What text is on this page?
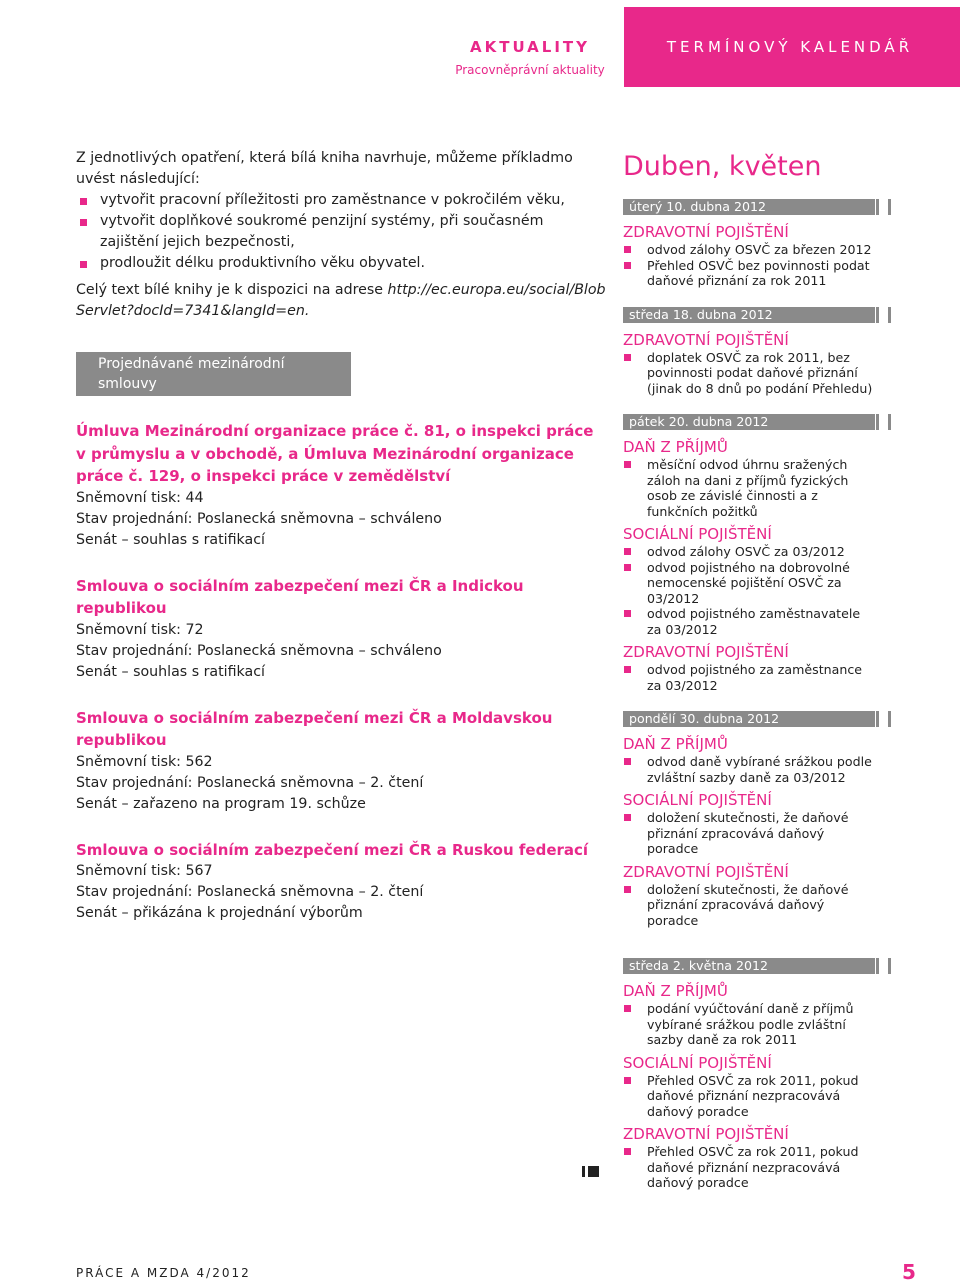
AKTUALITY
Pracovněprávní aktuality
TERMÍNOVÝ KALENDÁŘ

Z jednotlivých opatření, která bílá kniha navrhuje, můžeme příkladmo uvést následující:

vytvořit pracovní příležitosti pro zaměstnance v pokročilém věku,

vytvořit doplňkové soukromé penzijní systémy, při současném zajištění jejich bezpečnosti,

prodloužit délku produktivního věku obyvatel.

Celý text bílé knihy je k dispozici na adrese http://ec.europa.eu/social/BlobServlet?docId=7341&langId=en.

Projednávané mezinárodní smlouvy

Úmluva Mezinárodní organizace práce č. 81, o inspekci práce v průmyslu a v obchodě, a Úmluva Mezinárodní organizace práce č. 129, o inspekci práce v zemědělství

Sněmovní tisk: 44

Stav projednání: Poslanecká sněmovna – schváleno

Senát – souhlas s ratifikací

Smlouva o sociálním zabezpečení mezi ČR a Indickou republikou

Sněmovní tisk: 72

Stav projednání: Poslanecká sněmovna – schváleno

Senát – souhlas s ratifikací

Smlouva o sociálním zabezpečení mezi ČR a Moldavskou republikou

Sněmovní tisk: 562

Stav projednání: Poslanecká sněmovna – 2. čtení

Senát – zařazeno na program 19. schůze

Smlouva o sociálním zabezpečení mezi ČR a Ruskou federací

Sněmovní tisk: 567

Stav projednání: Poslanecká sněmovna – 2. čtení

Senát – přikázána k projednání výborům

Duben, květen
úterý 10. dubna 2012
ZDRAVOTNÍ POJIŠTĚNÍ

odvod zálohy OSVČ za březen 2012

Přehled OSVČ bez povinnosti podat daňové přiznání za rok 2011

středa 18. dubna 2012
ZDRAVOTNÍ POJIŠTĚNÍ

doplatek OSVČ za rok 2011, bez povinnosti podat daňové přiznání (jinak do 8 dnů po podání Přehledu)

pátek 20. dubna 2012
DAŇ Z PŘÍJMŮ

měsíční odvod úhrnu sražených záloh na dani z příjmů fyzických osob ze závislé činnosti a z funkčních požitků

SOCIÁLNÍ POJIŠTĚNÍ

odvod zálohy OSVČ za 03/2012

odvod pojistného na dobrovolné nemocenské pojištění OSVČ za 03/2012

odvod pojistného zaměstnavatele za 03/2012

ZDRAVOTNÍ POJIŠTĚNÍ

odvod pojistného za zaměstnance za 03/2012

pondělí 30. dubna 2012
DAŇ Z PŘÍJMŮ

odvod daně vybírané srážkou podle zvláštní sazby daně za 03/2012

SOCIÁLNÍ POJIŠTĚNÍ

doložení skutečnosti, že daňové přiznání zpracovává daňový poradce

ZDRAVOTNÍ POJIŠTĚNÍ

doložení skutečnosti, že daňové přiznání zpracovává daňový poradce

středa 2. května 2012
DAŇ Z PŘÍJMŮ

podání vyúčtování daně z příjmů vybírané srážkou podle zvláštní sazby daně za rok 2011

SOCIÁLNÍ POJIŠTĚNÍ

Přehled OSVČ za rok 2011, pokud daňové přiznání nezpracovává daňový poradce

ZDRAVOTNÍ POJIŠTĚNÍ

Přehled OSVČ za rok 2011, pokud daňové přiznání nezpracovává daňový poradce

PRÁCE A MZDA 4/2012	5
